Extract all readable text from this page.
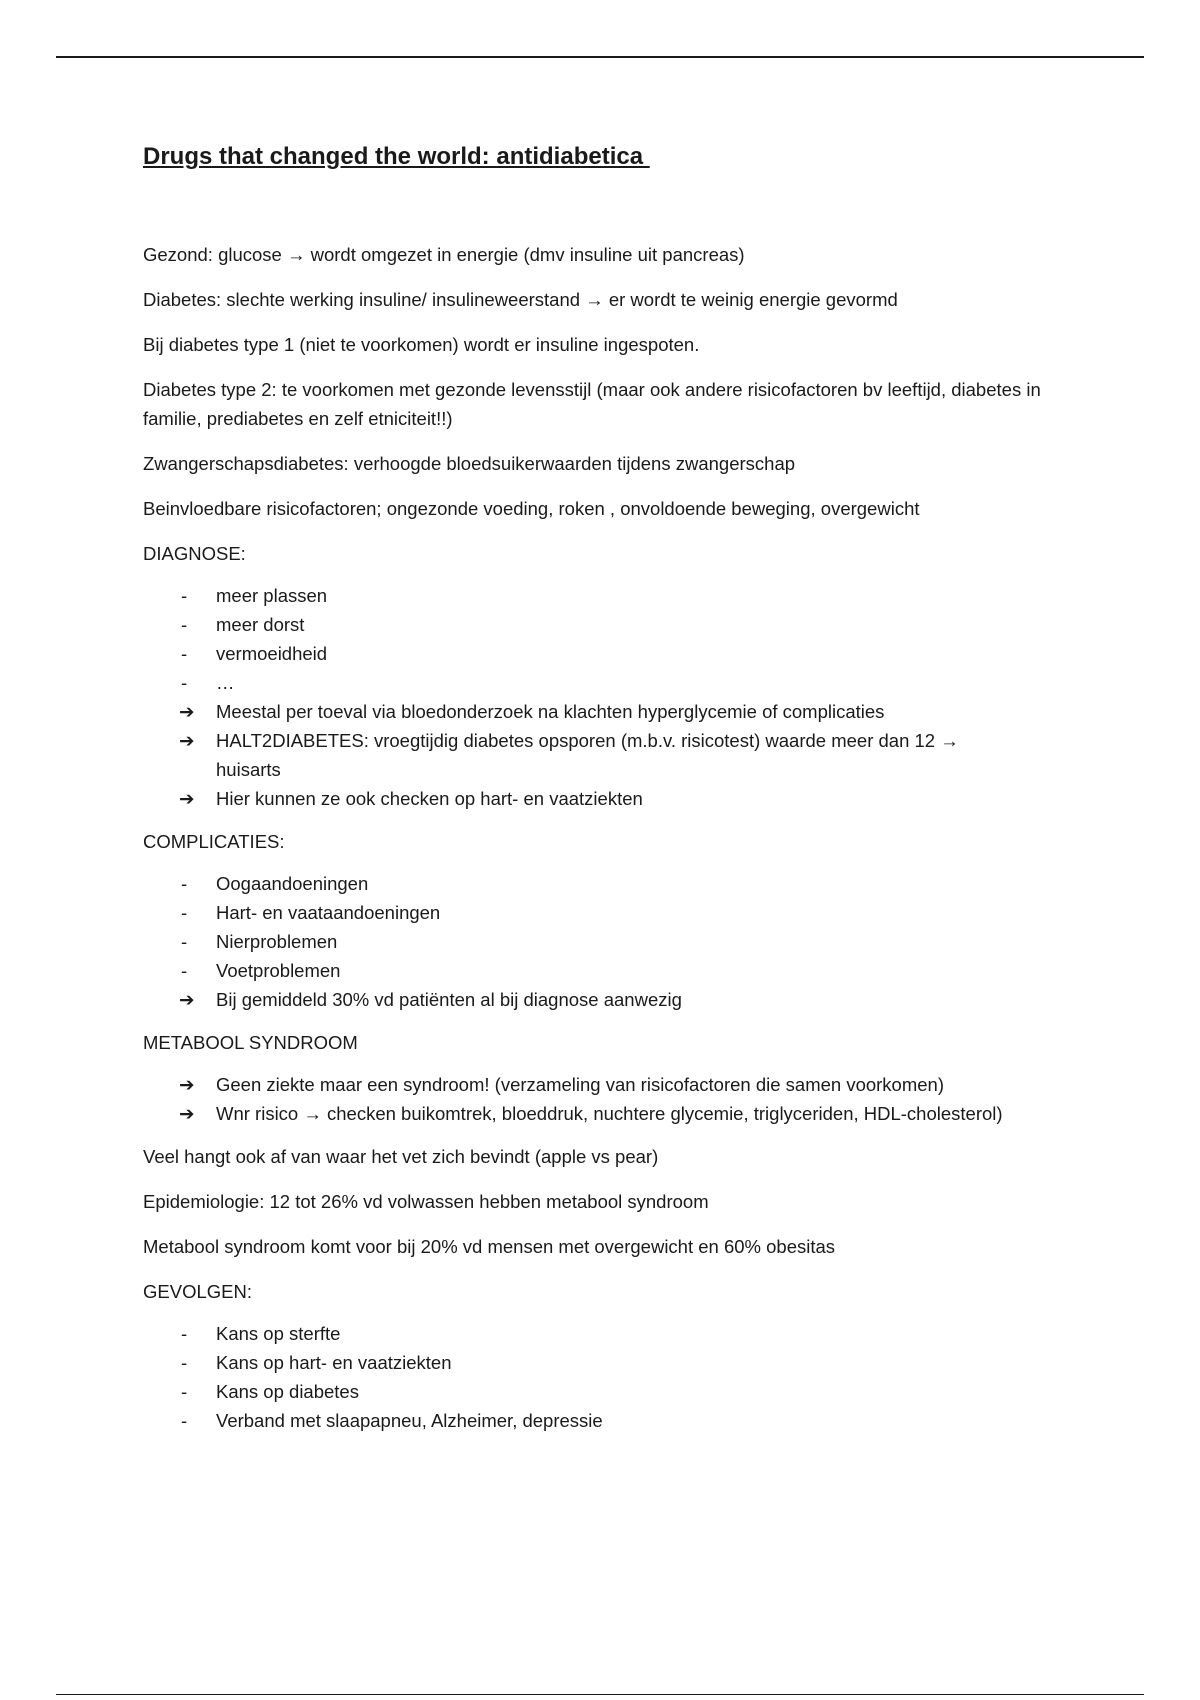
Drugs that changed the world: antidiabetica

Gezond: glucose → wordt omgezet in energie (dmv insuline uit pancreas)

Diabetes: slechte werking insuline/ insulineweerstand → er wordt te weinig energie gevormd

Bij diabetes type 1 (niet te voorkomen) wordt er insuline ingespoten.

Diabetes type 2: te voorkomen met gezonde levensstijl (maar ook andere risicofactoren bv leeftijd, diabetes in familie, prediabetes en zelf etniciteit!!)

Zwangerschapsdiabetes: verhoogde bloedsuikerwaarden tijdens zwangerschap

Beinvloedbare risicofactoren; ongezonde voeding, roken , onvoldoende beweging, overgewicht

DIAGNOSE:

-	meer plassen
-	meer dorst
-	vermoeidheid
-	…
➔	Meestal per toeval via bloedonderzoek na klachten hyperglycemie of complicaties
➔	HALT2DIABETES: vroegtijdig diabetes opsporen (m.b.v. risicotest) waarde meer dan 12 → huisarts
➔	Hier kunnen ze ook checken op hart- en vaatziekten

COMPLICATIES:

-	Oogaandoeningen
-	Hart- en vaataandoeningen
-	Nierproblemen
-	Voetproblemen
➔	Bij gemiddeld 30% vd patiënten al bij diagnose aanwezig

METABOOL SYNDROOM

➔	Geen ziekte maar een syndroom! (verzameling van risicofactoren die samen voorkomen)
➔	Wnr risico → checken buikomtrek, bloeddruk, nuchtere glycemie, triglyceriden, HDL-cholesterol)

Veel hangt ook af van waar het vet zich bevindt (apple vs pear)

Epidemiologie: 12 tot 26% vd volwassen hebben metabool syndroom

Metabool syndroom komt voor bij 20% vd mensen met overgewicht en 60% obesitas

GEVOLGEN:

-	Kans op sterfte
-	Kans op hart- en vaatziekten
-	Kans op diabetes
-	Verband met slaapapneu, Alzheimer, depressie
